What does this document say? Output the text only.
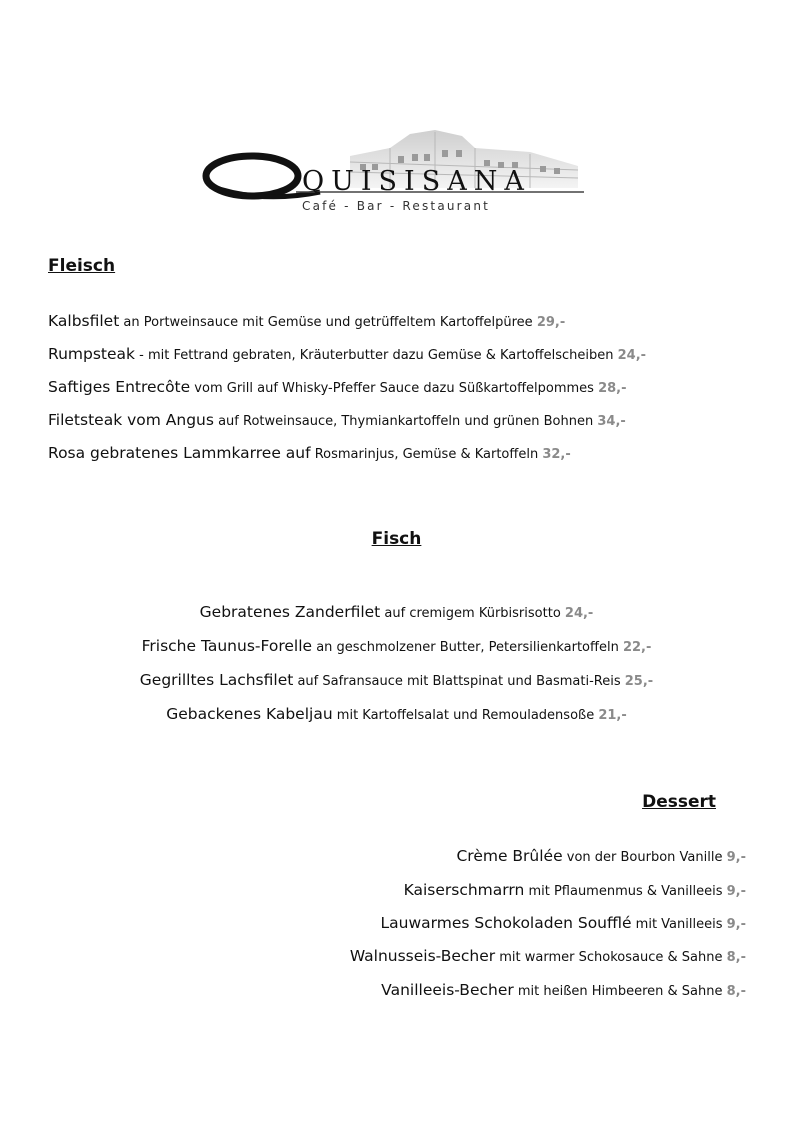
QUISISANA
Café - Bar - Restaurant
Fleisch
Kalbsfilet an Portweinsauce mit Gemüse und getrüffeltem Kartoffelpüree 29,-
Rumpsteak - mit Fettrand gebraten, Kräuterbutter dazu Gemüse & Kartoffelscheiben 24,-
Saftiges Entrecôte vom Grill auf Whisky-Pfeffer Sauce dazu Süßkartoffelpommes 28,-
Filetsteak vom Angus auf Rotweinsauce, Thymiankartoffeln und grünen Bohnen 34,-
Rosa gebratenes Lammkarree auf Rosmarinjus, Gemüse & Kartoffeln 32,-
Fisch
Gebratenes Zanderfilet auf cremigem Kürbisrisotto 24,-
Frische Taunus-Forelle an geschmolzener Butter, Petersilienkartoffeln 22,-
Gegrilltes Lachsfilet auf Safransauce mit Blattspinat und Basmati-Reis 25,-
Gebackenes Kabeljau mit Kartoffelsalat und Remouladensoße 21,-
Dessert
Crème Brûlée von der Bourbon Vanille 9,-
Kaiserschmarrn mit Pflaumenmus & Vanilleeis 9,-
Lauwarmes Schokoladen Soufflé mit Vanilleeis 9,-
Walnusseis-Becher mit warmer Schokosauce & Sahne 8,-
Vanilleeis-Becher mit heißen Himbeeren & Sahne 8,-
